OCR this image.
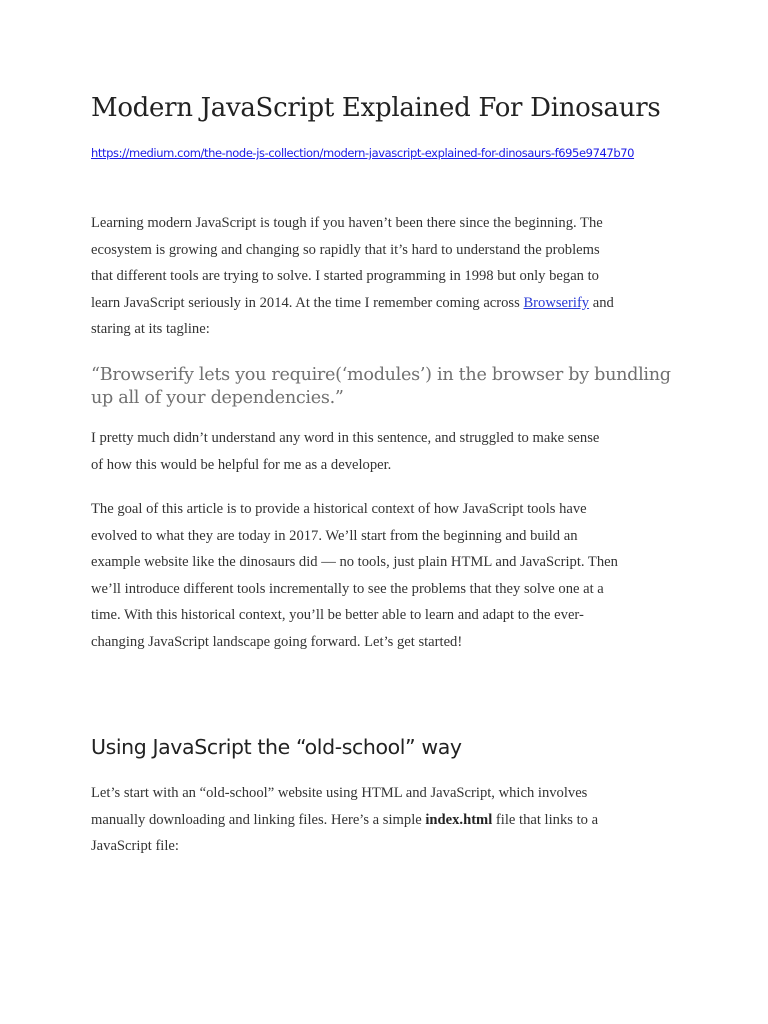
Modern JavaScript Explained For Dinosaurs
https://medium.com/the-node-js-collection/modern-javascript-explained-for-dinosaurs-f695e9747b70

Learning modern JavaScript is tough if you haven’t been there since the beginning. The
ecosystem is growing and changing so rapidly that it’s hard to understand the problems
that different tools are trying to solve. I started programming in 1998 but only began to
learn JavaScript seriously in 2014. At the time I remember coming across Browserify and
staring at its tagline:

“Browserify lets you require(‘modules’) in the browser by bundling
up all of your dependencies.”

I pretty much didn’t understand any word in this sentence, and struggled to make sense
of how this would be helpful for me as a developer.

The goal of this article is to provide a historical context of how JavaScript tools have
evolved to what they are today in 2017. We’ll start from the beginning and build an
example website like the dinosaurs did — no tools, just plain HTML and JavaScript. Then
we’ll introduce different tools incrementally to see the problems that they solve one at a
time. With this historical context, you’ll be better able to learn and adapt to the ever-
changing JavaScript landscape going forward. Let’s get started!

Using JavaScript the “old-school” way

Let’s start with an “old-school” website using HTML and JavaScript, which involves
manually downloading and linking files. Here’s a simple index.html file that links to a
JavaScript file:
